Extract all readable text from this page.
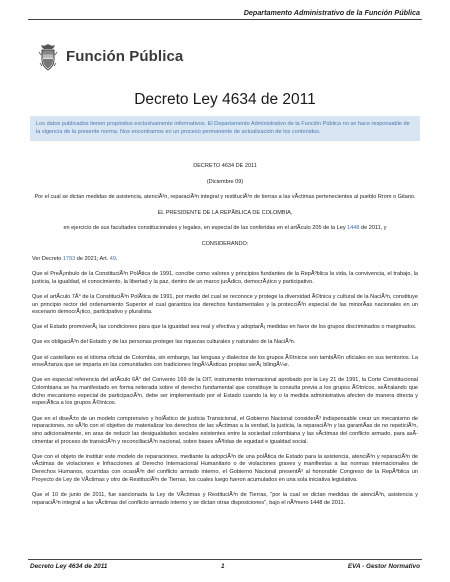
Departamento Administrativo de la Función Pública
Función Pública
Decreto Ley 4634 de 2011
Los datos publicados tienen propósitos exclusivamente informativos. El Departamento Administrativo de la Función Pública no se hace responsable de la vigencia de la presente norma. Nos encontramos en un proceso permanente de actualización de los contenidos.
DECRETO 4634 DE 2011
(Diciembre 09)
Por el cual se dictan medidas de asistencia, atenciÃ³n, reparaciÃ³n integral y restituciÃ³n de tierras a las vÃctimas pertenecientes al pueblo Rrom o Gitano.
EL PRESIDENTE DE LA REPÃBLICA DE COLOMBIA,
en ejercicio de sus facultades constitucionales y legales, en especial de las conferidas en el artÃculo 205 de la Ley 1448 de 2011, y
CONSIDERANDO:
Ver Decreto 1793 de 2021; Art. 49.
Que el PreÃ¡mbulo de la ConstituciÃ³n PolÃtica de 1991, concibe como valores y principios fundantes de la RepÃºblica la vida, la convivencia, el trabajo, la justicia, la igualdad, el conocimiento, la libertad y la paz, dentro de un marco jurÃdico, democrÃ¡tico y participativo.
Que el artÃculo 7Â° de la ConstituciÃ³n PolÃtica de 1991, por medio del cual se reconoce y protege la diversidad Ã©tnica y cultural de la NaciÃ³n, constituye un principio rector del ordenamiento Superior el cual garantiza los derechos fundamentales y la protecciÃ³n especial de las minorÃas nacionales en un escenario democrÃ¡tico, participativo y pluralista.
Que el Estado promoverÃ¡ las condiciones para que la igualdad sea real y efectiva y adoptarÃ¡ medidas en favor de los grupos discriminados o marginados.
Que es obligaciÃ³n del Estado y de las personas proteger las riquezas culturales y naturales de la NaciÃ³n.
Que el castellano es el idioma oficial de Colombia, sin embargo, las lenguas y dialectos de los grupos Ã©tnicos son tambiÃ©n oficiales en sus territorios. La enseÃ±anza que se imparta en las comunidades con tradiciones lingÃ¼Ãsticas propias serÃ¡ bilingÃ¼e.
Que en especial referencia del artÃculo 6Â° del Convenio 169 de la OIT, instrumento internacional aprobado por la Ley 21 de 1991, la Corte Constitucional Colombiana se ha manifestado en forma reiterada sobre el derecho fundamental que constituye la consulta previa a los grupos Ã©tnicos, seÃ±alando que dicho mecanismo especial de participaciÃ³n, debe ser implementado por el Estado cuando la ley o la medida administrativa afecten de manera directa y especÃfica a los grupos Ã©tnicos.
Que en el diseÃ±o de un modelo comprensivo y holÃstico de justicia Transicional, el Gobierno Nacional considerÃ³ indispensable crear un mecanismo de reparaciones, no sÃ³lo con el objetivo de materializar los derechos de las vÃctimas a la verdad, la justicia, la reparaciÃ³n y las garantÃas de no repeticiÃ³n, sino adicionalmente, en aras de reducir las desigualdades sociales existentes entre la sociedad colombiana y las vÃctimas del conflicto armado, para asÃ cimentar el proceso de transiciÃ³n y reconciliaciÃ³n nacional, sobre bases sÃ³lidas de equidad e igualdad social.
Que con el objeto de instituir este modelo de reparaciones, mediante la adopciÃ³n de una polÃtica de Estado para la asistencia, atenciÃ³n y reparaciÃ³n de vÃctimas de violaciones e Infracciones al Derecho Internacional Humanitario o de violaciones graves y manifiestas a las normas internacionales de Derechos Humanos, ocurridas con ocasiÃ³n del conflicto armado interno, el Gobierno Nacional presentÃ³ al honorable Congreso de la RepÃºblica un Proyecto de Ley de VÃctimas y otro de RestituciÃ³n de Tierras, los cuales luego fueron acumulados en una sola iniciativa legislativa.
Que el 10 de junio de 2011, fue sancionada la Ley de VÃctimas y RestituciÃ³n de Tierras, "por la cual se dictan medidas de atenciÃ³n, asistencia y reparaciÃ³n integral a las vÃctimas del conflicto armado interno y se dictan otras disposiciones", bajo el nÃºmero 1448 de 2011.
Decreto Ley 4634 de 2011	1	EVA - Gestor Normativo
